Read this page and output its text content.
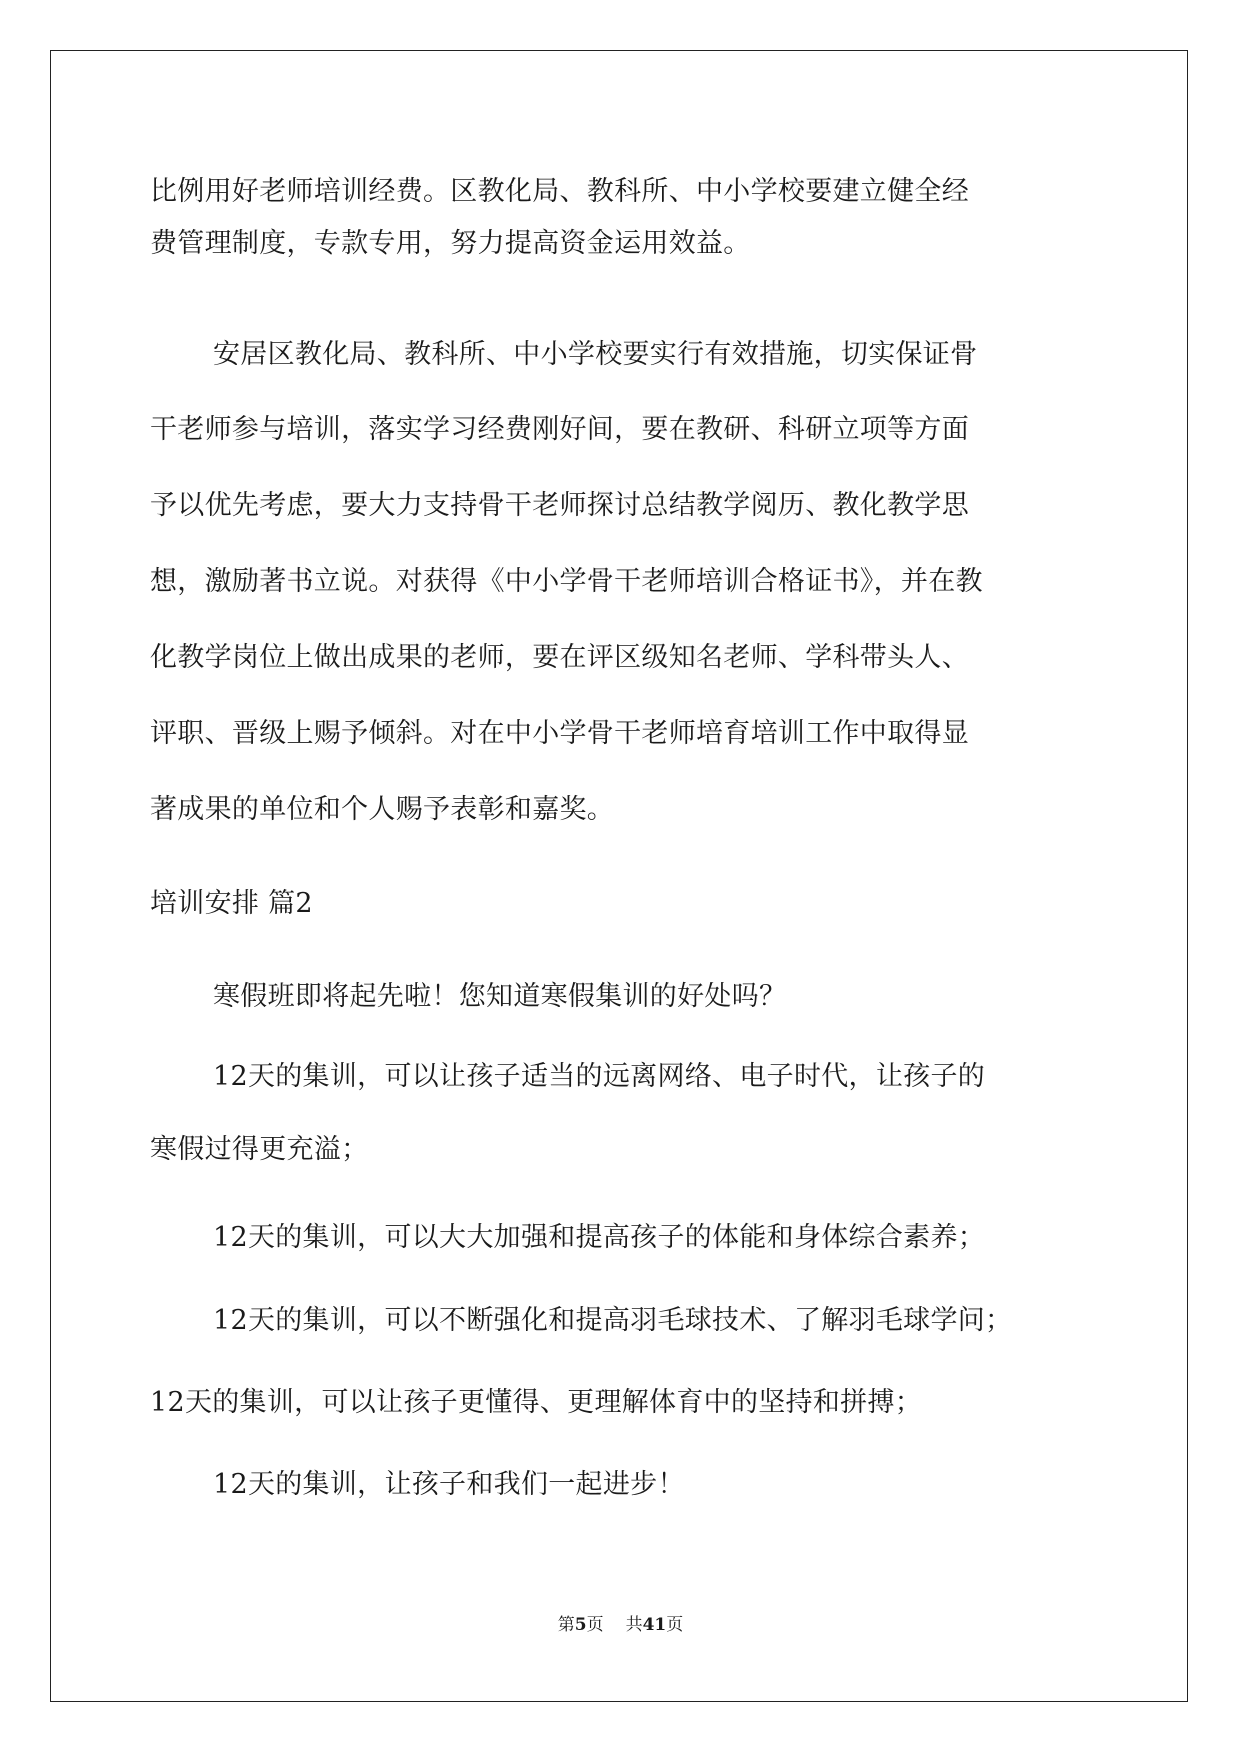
比例用好老师培训经费。区教化局、教科所、中小学校要建立健全经
费管理制度，专款专用，努力提高资金运用效益。
安居区教化局、教科所、中小学校要实行有效措施，切实保证骨
干老师参与培训，落实学习经费刚好间，要在教研、科研立项等方面
予以优先考虑，要大力支持骨干老师探讨总结教学阅历、教化教学思
想，激励著书立说。对获得《中小学骨干老师培训合格证书》，并在教
化教学岗位上做出成果的老师，要在评区级知名老师、学科带头人、
评职、晋级上赐予倾斜。对在中小学骨干老师培育培训工作中取得显
著成果的单位和个人赐予表彰和嘉奖。
培训安排 篇2
寒假班即将起先啦！您知道寒假集训的好处吗？
12天的集训，可以让孩子适当的远离网络、电子时代，让孩子的
寒假过得更充溢；
12天的集训，可以大大加强和提高孩子的体能和身体综合素养；
12天的集训，可以不断强化和提高羽毛球技术、了解羽毛球学问；
12天的集训，可以让孩子更懂得、更理解体育中的坚持和拼搏；
12天的集训，让孩子和我们一起进步！
第5页 共41页
